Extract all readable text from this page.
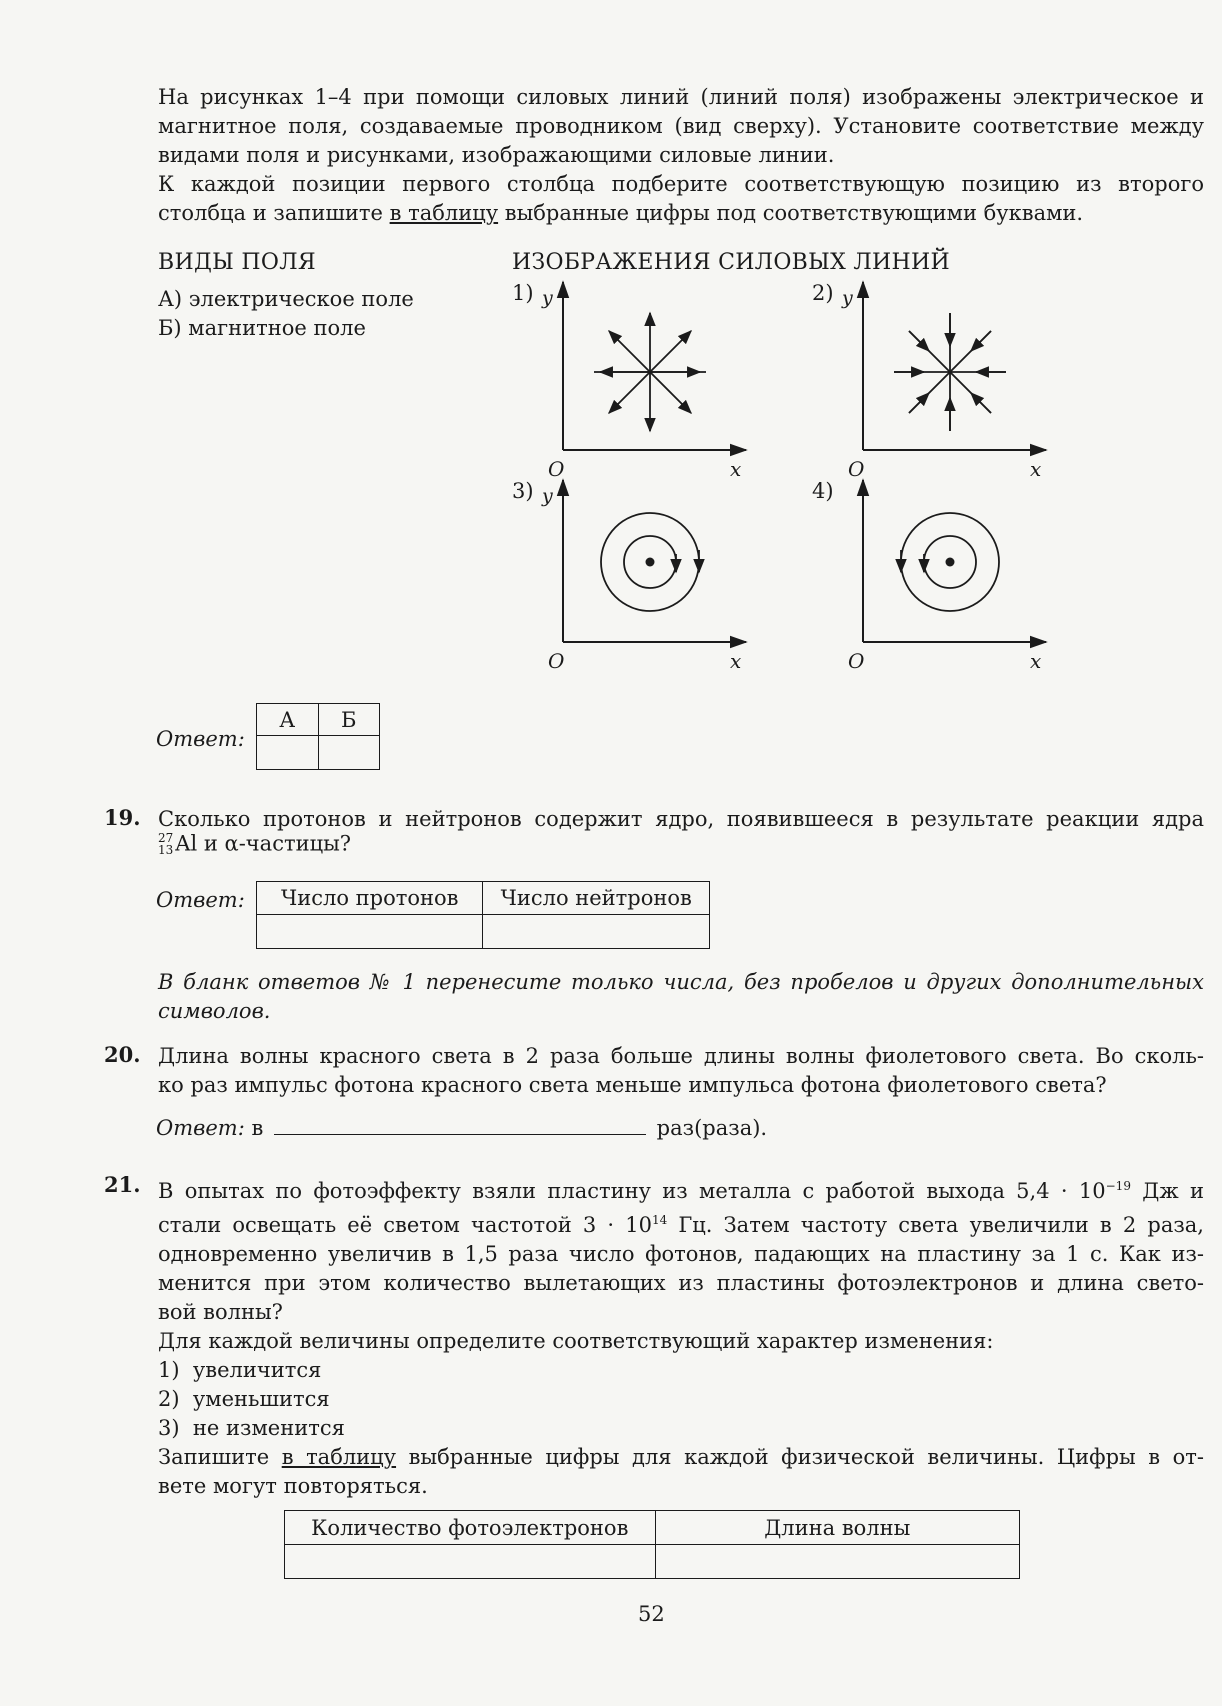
На рисунках 1–4 при помощи силовых линий (линий поля) изображены электрическое и
магнитное поля, создаваемые проводником (вид сверху). Установите соответствие между
видами поля и рисунками, изображающими силовые линии.
К каждой позиции первого столбца подберите соответствующую позицию из второго
столбца и запишите в таблицу выбранные цифры под соответствующими буквами.
ВИДЫ ПОЛЯ	ИЗОБРАЖЕНИЯ СИЛОВЫХ ЛИНИЙ
А) электрическое поле
Б) магнитное поле
1) y
O	x
2) y
O	x
3) y
O	x
4)
O	x
Ответ:
А	Б

19. Сколько протонов и нейтронов содержит ядро, появившееся в результате реакции ядра
27
13 Al и α-частицы?
Ответ: Число протонов	Число нейтронов

В бланк ответов № 1 перенесите только числа, без пробелов и других дополнительных
символов.
20. Длина волны красного света в 2 раза больше длины волны фиолетового света. Во сколь-
ко раз импульс фотона красного света меньше импульса фотона фиолетового света?
Ответ: в	раз(раза).
21. В опытах по фотоэффекту взяли пластину из металла с работой выхода $5,4 \cdot 10^{-19}$ Дж и
стали освещать её светом частотой $3 \cdot 10^{14}$ Гц. Затем частоту света увеличили в 2 раза,
одновременно увеличив в 1,5 раза число фотонов, падающих на пластину за 1 с. Как из-
менится при этом количество вылетающих из пластины фотоэлектронов и длина свето-
вой волны?
Для каждой величины определите соответствующий характер изменения:
1)  увеличится
2)  уменьшится
3)  не изменится
Запишите в таблицу выбранные цифры для каждой физической величины. Цифры в от-
вете могут повторяться.
Количество фотоэлектронов	Длина волны

52
